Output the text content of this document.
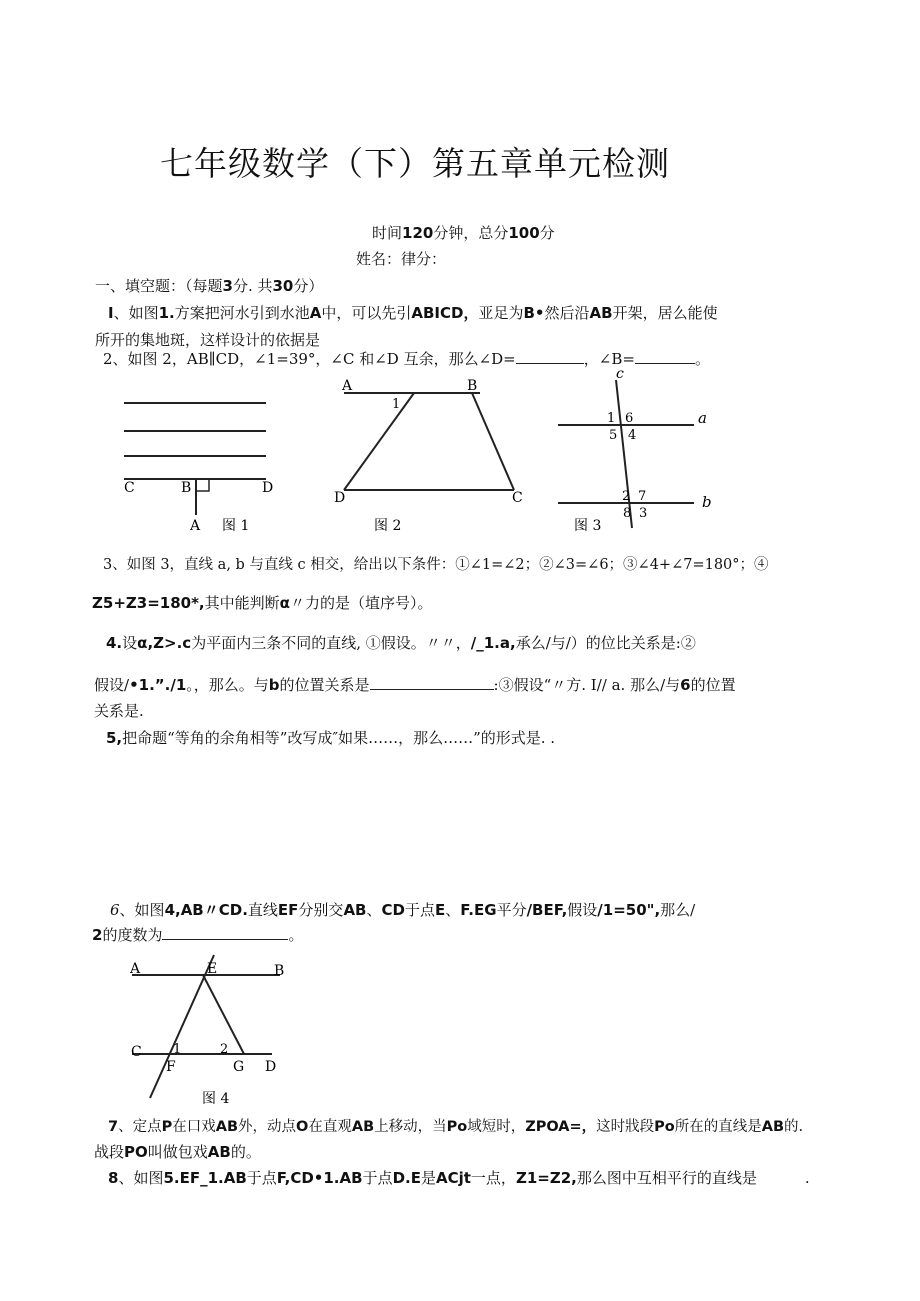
七年级数学（下）第五章单元检测
时间120分钟，总分100分
姓名：律分：
一、填空题：（每题3分. 共30分）
I、如图1.方案把河水引到水池A中，可以先引ABICD，亚足为B•然后沿AB开架，居么能使
所开的集地斑，这样设计的依据是
2、如图 2，AB∥CD，∠1=39°，∠C 和∠D 互余，那么∠D=	，∠B=	。
C	B	D
A 图 1
A	B
1
D	C
图 2
c
1 6
5 4
a
2 7
8 3
b
图 3
3、如图 3，直线 a, b 与直线 c 相交，给出以下条件：①∠1=∠2；②∠3=∠6；③∠4+∠7=180°；④
Z5+Z3=180*,其中能判断α〃力的是（埴序号）。
4.设α,Z>.c为平面内三条不同的直线, ①假设。〃〃，/_1.a,承么/与/）的位比关系是:②
假设/•1.”./1。，那么。与b的位置关系是	:③假设“〃方. I// a. 那么/与6的位置
关系是.
5,把命题“等角的余角相等”改写成″如果……，那么……”的形式是. .
6、如图4,AB〃CD.直线EF分别交AB、CD于点E、F.EG平分/BEF,假设/1=50",那么/
2的度数为	。
A	E	B
C 1	2
F	G D
图 4
7、定点P在口戏AB外，动点O在直观AB上移动，当Po域短时，ZPOA=，这时戕段Po所在的直线是AB的.
战段PO叫做包戏AB的。
8、如图5.EF_1.AB于点F,CD•1.AB于点D.E是ACjt一点，Z1=Z2,那么图中互相平行的直线是	.
